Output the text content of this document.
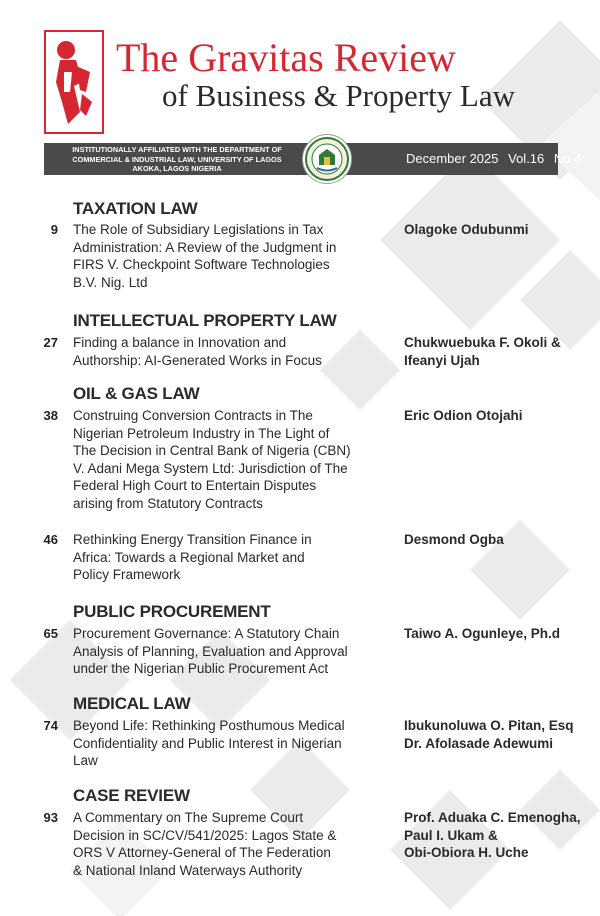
The Gravitas Review
of Business & Property Law
INSTITUTIONALLY AFFILIATED WITH THE DEPARTMENT OF
COMMERCIAL & INDUSTRIAL LAW, UNIVERSITY OF LAGOS
AKOKA, LAGOS NIGERIA
December 2025 Vol.16 No.4
TAXATION LAW
9 The Role of Subsidiary Legislations in Tax
Administration: A Review of the Judgment in
FIRS V. Checkpoint Software Technologies
B.V. Nig. Ltd
Olagoke Odubunmi
INTELLECTUAL PROPERTY LAW
27 Finding a balance in Innovation and
Authorship: AI-Generated Works in Focus
Chukwuebuka F. Okoli &
Ifeanyi Ujah
OIL & GAS LAW
38 Construing Conversion Contracts in The
Nigerian Petroleum Industry in The Light of
The Decision in Central Bank of Nigeria (CBN)
V. Adani Mega System Ltd: Jurisdiction of The
Federal High Court to Entertain Disputes
arising from Statutory Contracts
Eric Odion Otojahi
46 Rethinking Energy Transition Finance in
Africa: Towards a Regional Market and
Policy Framework
Desmond Ogba
PUBLIC PROCUREMENT
65 Procurement Governance: A Statutory Chain
Analysis of Planning, Evaluation and Approval
under the Nigerian Public Procurement Act
Taiwo A. Ogunleye, Ph.d
MEDICAL LAW
74 Beyond Life: Rethinking Posthumous Medical
Confidentiality and Public Interest in Nigerian
Law
Ibukunoluwa O. Pitan, Esq
Dr. Afolasade Adewumi
CASE REVIEW
93 A Commentary on The Supreme Court
Decision in SC/CV/541/2025: Lagos State &
ORS V Attorney-General of The Federation
& National Inland Waterways Authority
Prof. Aduaka C. Emenogha,
Paul I. Ukam &
Obi-Obiora H. Uche
